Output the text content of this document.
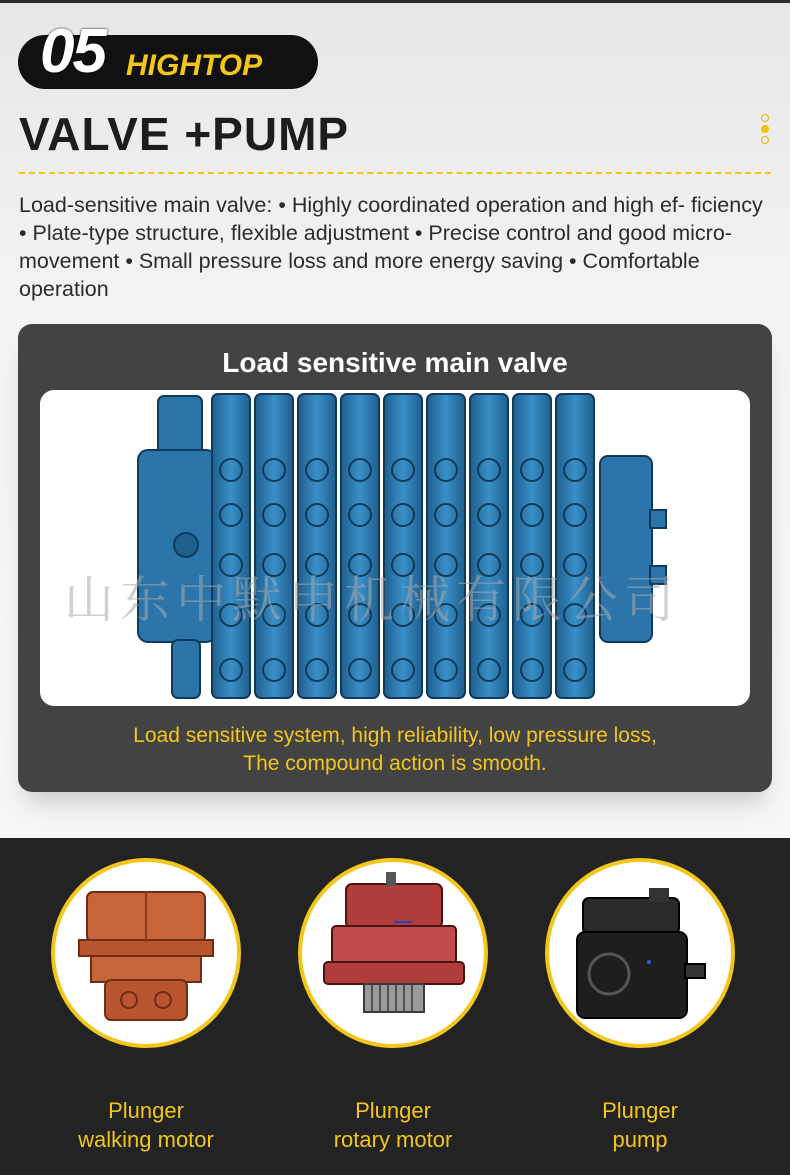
05 HIGHTOP
VALVE +PUMP
Load-sensitive main valve: • Highly coordinated operation and high ef- ficiency • Plate-type structure, flexible adjustment • Precise control and good micro-movement • Small pressure loss and more energy saving • Comfortable operation
Load sensitive main valve
Load sensitive system, high reliability, low pressure loss,
The compound action is smooth.
山东中默申机械有限公司
Plunger
walking motor
Plunger
rotary motor
Plunger
pump
